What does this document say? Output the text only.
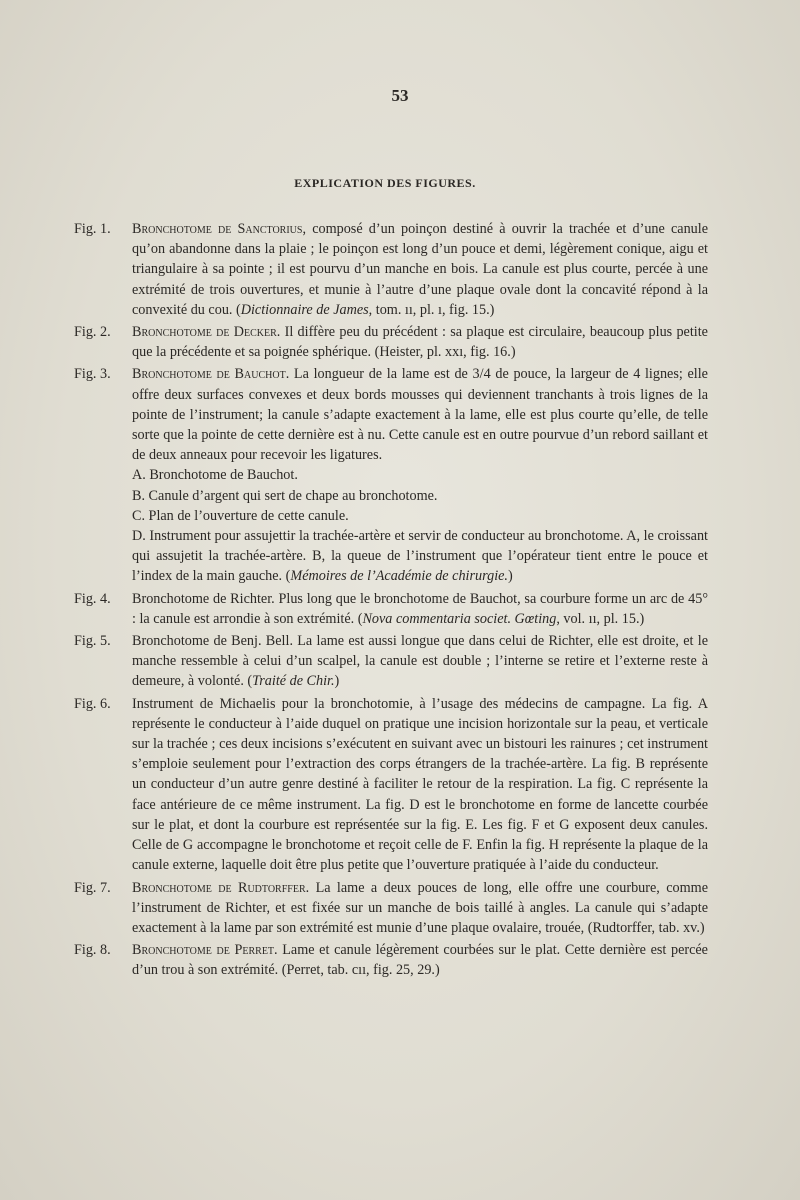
53
EXPLICATION DES FIGURES.
Fig. 1.	Bronchotome de Sanctorius, composé d’un poinçon destiné à ouvrir la trachée et d’une canule qu’on abandonne dans la plaie ; le poinçon est long d’un pouce et demi, légèrement conique, aigu et triangulaire à sa pointe ; il est pourvu d’un manche en bois. La canule est plus courte, percée à une extrémité de trois ouvertures, et munie à l’autre d’une plaque ovale dont la concavité répond à la convexité du cou. (Dictionnaire de James, tom. ıı, pl. ı, fig. 15.)
Fig. 2.	Bronchotome de Decker. Il diffère peu du précédent : sa plaque est circulaire, beaucoup plus petite que la précédente et sa poignée sphérique. (Heister, pl. xxı, fig. 16.)
Fig. 3.	Bronchotome de Bauchot. La longueur de la lame est de 3/4 de pouce, la largeur de 4 lignes; elle offre deux surfaces convexes et deux bords mousses qui deviennent tranchants à trois lignes de la pointe de l’instrument; la canule s’adapte exactement à la lame, elle est plus courte qu’elle, de telle sorte que la pointe de cette dernière est à nu. Cette canule est en outre pourvue d’un rebord saillant et de deux anneaux pour recevoir les ligatures.
A. Bronchotome de Bauchot.
B. Canule d’argent qui sert de chape au bronchotome.
C. Plan de l’ouverture de cette canule.
D. Instrument pour assujettir la trachée-artère et servir de conducteur au bronchotome. A, le croissant qui assujetit la trachée-artère. B, la queue de l’instrument que l’opérateur tient entre le pouce et l’index de la main gauche. (Mémoires de l’Académie de chirurgie.)
Fig. 4.	Bronchotome de Richter. Plus long que le bronchotome de Bauchot, sa courbure forme un arc de 45° : la canule est arrondie à son extrémité. (Nova commentaria societ. Gœting, vol. ıı, pl. 15.)
Fig. 5.	Bronchotome de Benj. Bell. La lame est aussi longue que dans celui de Richter, elle est droite, et le manche ressemble à celui d’un scalpel, la canule est double ; l’interne se retire et l’externe reste à demeure, à volonté. (Traité de Chir.)
Fig. 6.	Instrument de Michaelis pour la bronchotomie, à l’usage des médecins de campagne. La fig. A représente le conducteur à l’aide duquel on pratique une incision horizontale sur la peau, et verticale sur la trachée ; ces deux incisions s’exécutent en suivant avec un bistouri les rainures ; cet instrument s’emploie seulement pour l’extraction des corps étrangers de la trachée-artère. La fig. B représente un conducteur d’un autre genre destiné à faciliter le retour de la respiration. La fig. C représente la face antérieure de ce même instrument. La fig. D est le bronchotome en forme de lancette courbée sur le plat, et dont la courbure est représentée sur la fig. E. Les fig. F et G exposent deux canules. Celle de G accompagne le bronchotome et reçoit celle de F. Enfin la fig. H représente la plaque de la canule externe, laquelle doit être plus petite que l’ouverture pratiquée à l’aide du conducteur.
Fig. 7.	Bronchotome de Rudtorffer. La lame a deux pouces de long, elle offre une courbure, comme l’instrument de Richter, et est fixée sur un manche de bois taillé à angles. La canule qui s’adapte exactement à la lame par son extrémité est munie d’une plaque ovalaire, trouée, (Rudtorffer, tab. xv.)
Fig. 8.	Bronchotome de Perret. Lame et canule légèrement courbées sur le plat. Cette dernière est percée d’un trou à son extrémité. (Perret, tab. cıı, fig. 25, 29.)
